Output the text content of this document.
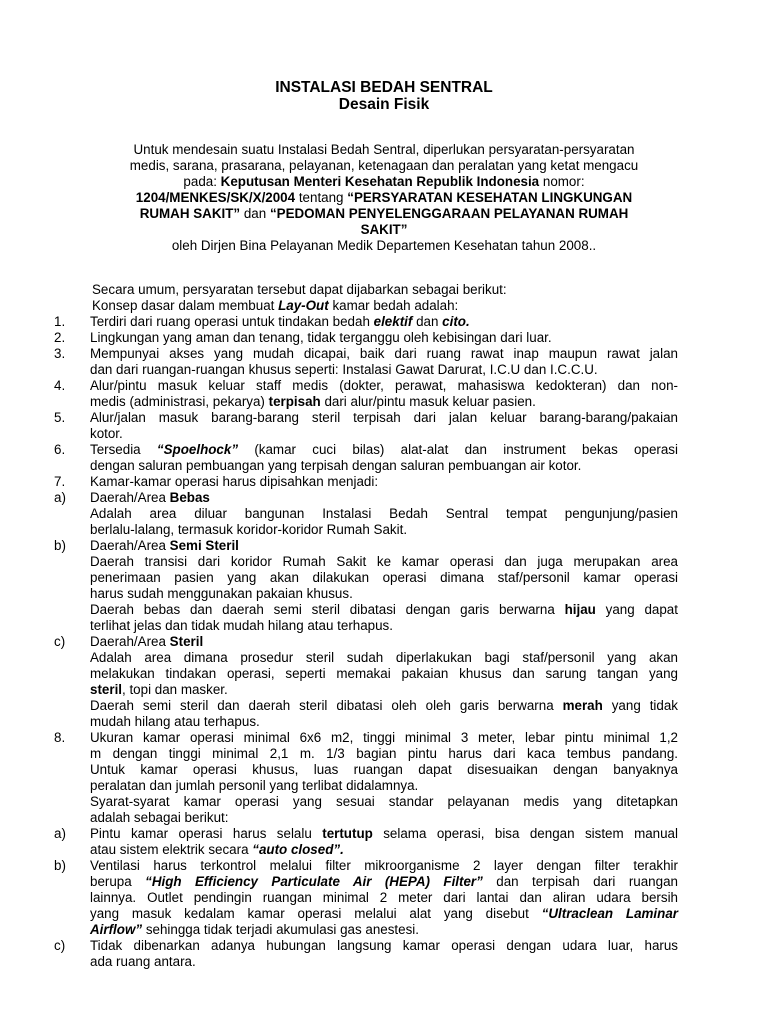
INSTALASI BEDAH SENTRAL
Desain Fisik
Untuk mendesain suatu Instalasi Bedah Sentral, diperlukan persyaratan-persyaratan
medis, sarana, prasarana, pelayanan, ketenagaan dan peralatan yang ketat mengacu
pada: Keputusan Menteri Kesehatan Republik Indonesia nomor:
1204/MENKES/SK/X/2004 tentang “PERSYARATAN KESEHATAN LINGKUNGAN
RUMAH SAKIT” dan “PEDOMAN PENYELENGGARAAN PELAYANAN RUMAH
SAKIT”
oleh Dirjen Bina Pelayanan Medik Departemen Kesehatan tahun 2008..
Secara umum, persyaratan tersebut dapat dijabarkan sebagai berikut:
Konsep dasar dalam membuat Lay-Out kamar bedah adalah:
1. Terdiri dari ruang operasi untuk tindakan bedah elektif dan cito.
2. Lingkungan yang aman dan tenang, tidak terganggu oleh kebisingan dari luar.
3. Mempunyai akses yang mudah dicapai, baik dari ruang rawat inap maupun rawat jalan
dan dari ruangan-ruangan khusus seperti: Instalasi Gawat Darurat, I.C.U dan I.C.C.U.
4. Alur/pintu masuk keluar staff medis (dokter, perawat, mahasiswa kedokteran) dan non-
medis (administrasi, pekarya) terpisah dari alur/pintu masuk keluar pasien.
5. Alur/jalan masuk barang-barang steril terpisah dari jalan keluar barang-barang/pakaian
kotor.
6. Tersedia “Spoelhock” (kamar cuci bilas) alat-alat dan instrument bekas operasi
dengan saluran pembuangan yang terpisah dengan saluran pembuangan air kotor.
7. Kamar-kamar operasi harus dipisahkan menjadi:
a) Daerah/Area Bebas
Adalah area diluar bangunan Instalasi Bedah Sentral tempat pengunjung/pasien
berlalu-lalang, termasuk koridor-koridor Rumah Sakit.
b) Daerah/Area Semi Steril
Daerah transisi dari koridor Rumah Sakit ke kamar operasi dan juga merupakan area
penerimaan pasien yang akan dilakukan operasi dimana staf/personil kamar operasi
harus sudah menggunakan pakaian khusus.
Daerah bebas dan daerah semi steril dibatasi dengan garis berwarna hijau yang dapat
terlihat jelas dan tidak mudah hilang atau terhapus.
c) Daerah/Area Steril
Adalah area dimana prosedur steril sudah diperlakukan bagi staf/personil yang akan
melakukan tindakan operasi, seperti memakai pakaian khusus dan sarung tangan yang
steril, topi dan masker.
Daerah semi steril dan daerah steril dibatasi oleh oleh garis berwarna merah yang tidak
mudah hilang atau terhapus.
8. Ukuran kamar operasi minimal 6x6 m2, tinggi minimal 3 meter, lebar pintu minimal 1,2
m dengan tinggi minimal 2,1 m. 1/3 bagian pintu harus dari kaca tembus pandang.
Untuk kamar operasi khusus, luas ruangan dapat disesuaikan dengan banyaknya
peralatan dan jumlah personil yang terlibat didalamnya.
Syarat-syarat kamar operasi yang sesuai standar pelayanan medis yang ditetapkan
adalah sebagai berikut:
a) Pintu kamar operasi harus selalu tertutup selama operasi, bisa dengan sistem manual
atau sistem elektrik secara “auto closed”.
b) Ventilasi harus terkontrol melalui filter mikroorganisme 2 layer dengan filter terakhir
berupa “High Efficiency Particulate Air (HEPA) Filter” dan terpisah dari ruangan
lainnya. Outlet pendingin ruangan minimal 2 meter dari lantai dan aliran udara bersih
yang masuk kedalam kamar operasi melalui alat yang disebut “Ultraclean Laminar
Airflow” sehingga tidak terjadi akumulasi gas anestesi.
c) Tidak dibenarkan adanya hubungan langsung kamar operasi dengan udara luar, harus
ada ruang antara.
